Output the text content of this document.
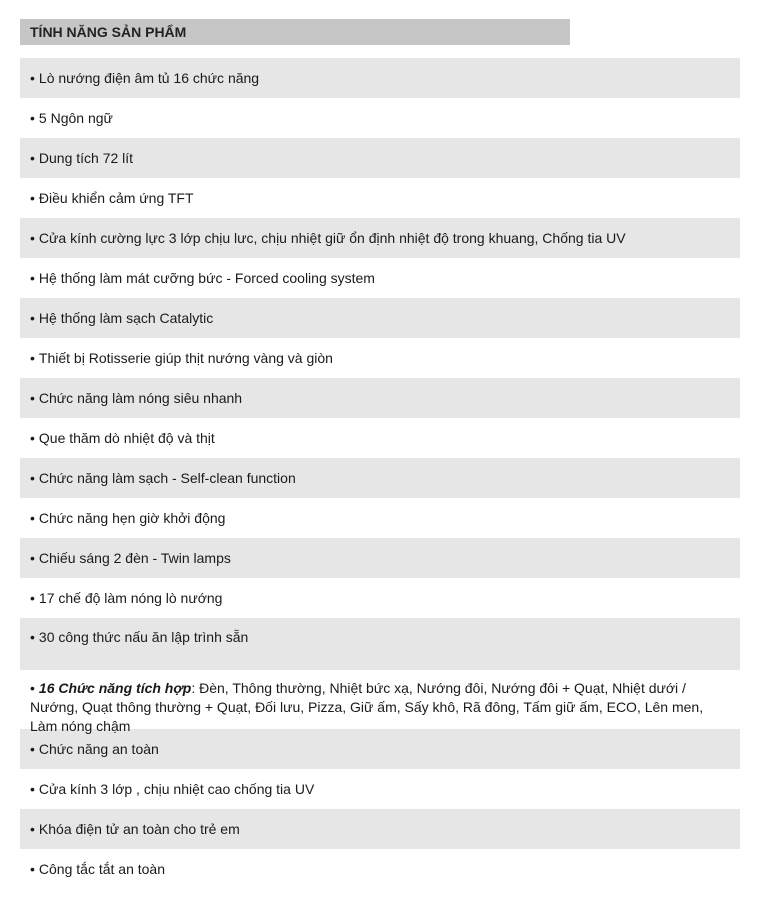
TÍNH NĂNG SẢN PHẨM
• Lò nướng điện âm tủ 16 chức năng
• 5 Ngôn ngữ
• Dung tích 72 lít
• Điều khiển cảm ứng TFT
• Cửa kính cường lực 3 lớp chịu lưc, chịu nhiệt giữ ổn định nhiệt độ trong khuang, Chống tia UV
• Hệ thống làm mát cưỡng bức - Forced cooling system
• Hệ thống làm sạch Catalytic
• Thiết bị Rotisserie giúp thịt nướng vàng và giòn
• Chức năng làm nóng siêu nhanh
• Que thăm dò nhiệt độ và thịt
• Chức năng làm sạch - Self-clean function
• Chức năng hẹn giờ khởi động
• Chiếu sáng 2 đèn - Twin lamps
• 17 chế độ làm nóng lò nướng
• 30 công thức nấu ăn lập trình sẵn
• 16 Chức năng tích hợp: Đèn, Thông thường, Nhiệt bức xạ, Nướng đôi, Nướng đôi + Quạt, Nhiệt dưới / Nướng, Quạt thông thường + Quạt, Đối lưu, Pizza, Giữ ấm, Sấy khô, Rã đông, Tấm giữ ấm, ECO, Lên men, Làm nóng chậm
• Chức năng an toàn
• Cửa kính 3 lớp , chịu nhiệt cao chống tia UV
• Khóa điện tử an toàn cho trẻ em
• Công tắc tắt an toàn
